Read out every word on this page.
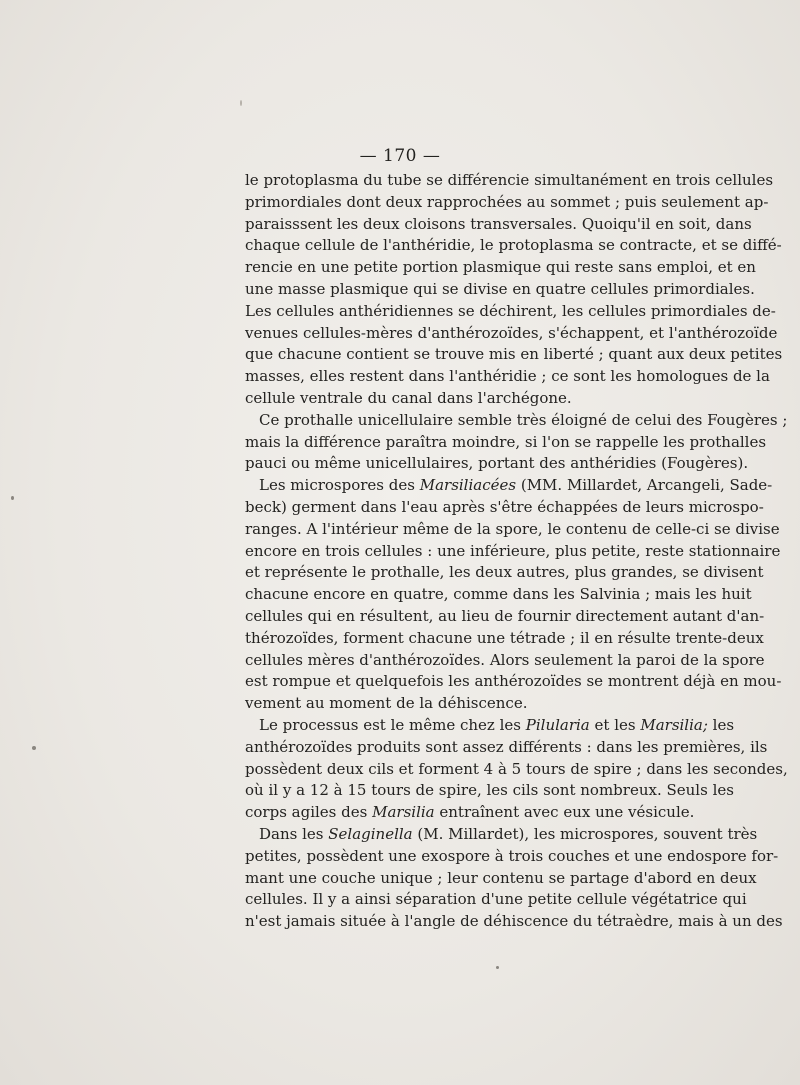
— 170 —
le protoplasma du tube se différencie simultanément en trois cellules
primordiales dont deux rapprochées au sommet ; puis seulement ap-
paraisssent les deux cloisons transversales. Quoiqu'il en soit, dans
chaque cellule de l'anthéridie, le protoplasma se contracte, et se diffé-
rencie en une petite portion plasmique qui reste sans emploi, et en
une masse plasmique qui se divise en quatre cellules primordiales.
Les cellules anthéridiennes se déchirent, les cellules primordiales de-
venues cellules-mères d'anthérozoïdes, s'échappent, et l'anthérozoïde
que chacune contient se trouve mis en liberté ; quant aux deux petites
masses, elles restent dans l'anthéridie ; ce sont les homologues de la
cellule ventrale du canal dans l'archégone.
Ce prothalle unicellulaire semble très éloigné de celui des Fougères ;
mais la différence paraîtra moindre, si l'on se rappelle les prothalles
pauci ou même unicellulaires, portant des anthéridies (Fougères).
Les microspores des Marsiliacées (MM. Millardet, Arcangeli, Sade-
beck) germent dans l'eau après s'être échappées de leurs microspo-
ranges. A l'intérieur même de la spore, le contenu de celle-ci se divise
encore en trois cellules : une inférieure, plus petite, reste stationnaire
et représente le prothalle, les deux autres, plus grandes, se divisent
chacune encore en quatre, comme dans les Salvinia ; mais les huit
cellules qui en résultent, au lieu de fournir directement autant d'an-
thérozoïdes, forment chacune une tétrade ; il en résulte trente-deux
cellules mères d'anthérozoïdes. Alors seulement la paroi de la spore
est rompue et quelquefois les anthérozoïdes se montrent déjà en mou-
vement au moment de la déhiscence.
Le processus est le même chez les Pilularia et les Marsilia; les
anthérozoïdes produits sont assez différents : dans les premières, ils
possèdent deux cils et forment 4 à 5 tours de spire ; dans les secondes,
où il y a 12 à 15 tours de spire, les cils sont nombreux. Seuls les
corps agiles des Marsilia entraînent avec eux une vésicule.
Dans les Selaginella (M. Millardet), les microspores, souvent très
petites, possèdent une exospore à trois couches et une endospore for-
mant une couche unique ; leur contenu se partage d'abord en deux
cellules. Il y a ainsi séparation d'une petite cellule végétatrice qui
n'est jamais située à l'angle de déhiscence du tétraèdre, mais à un des
